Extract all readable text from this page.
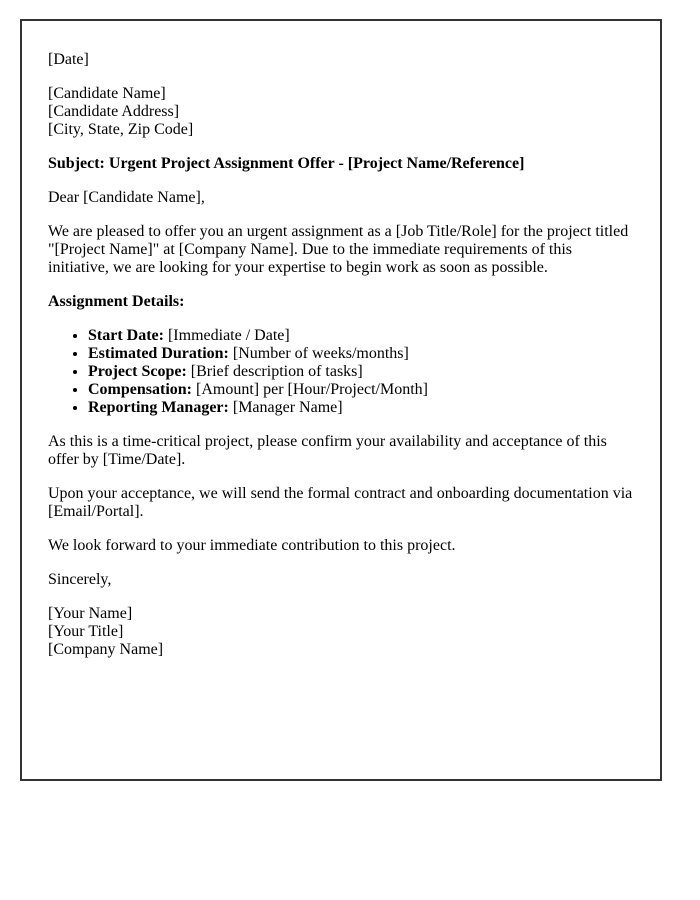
[Date]

[Candidate Name]
[Candidate Address]
[City, State, Zip Code]

Subject: Urgent Project Assignment Offer - [Project Name/Reference]

Dear [Candidate Name],

We are pleased to offer you an urgent assignment as a [Job Title/Role] for the project titled "[Project Name]" at [Company Name]. Due to the immediate requirements of this initiative, we are looking for your expertise to begin work as soon as possible.

Assignment Details:

• Start Date: [Immediate / Date]
• Estimated Duration: [Number of weeks/months]
• Project Scope: [Brief description of tasks]
• Compensation: [Amount] per [Hour/Project/Month]
• Reporting Manager: [Manager Name]

As this is a time-critical project, please confirm your availability and acceptance of this offer by [Time/Date].

Upon your acceptance, we will send the formal contract and onboarding documentation via [Email/Portal].

We look forward to your immediate contribution to this project.

Sincerely,

[Your Name]
[Your Title]
[Company Name]
